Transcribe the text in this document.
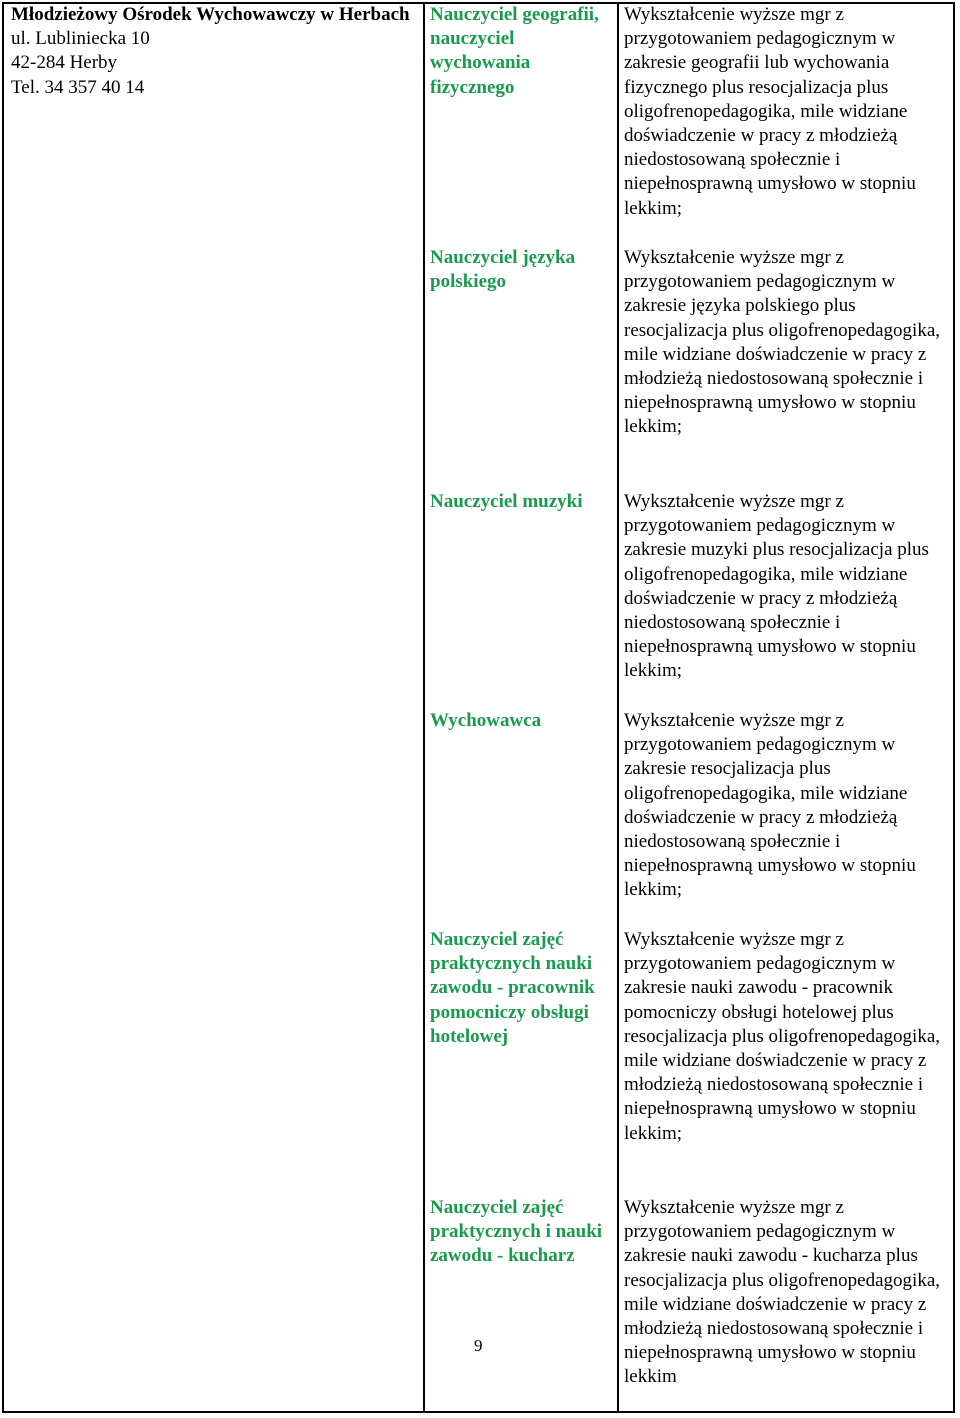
Młodzieżowy Ośrodek Wychowawczy w Herbach
ul. Lubliniecka 10
42-284 Herby
Tel. 34 357 40 14
Nauczyciel geografii, nauczyciel wychowania fizycznego
Wykształcenie wyższe mgr z przygotowaniem pedagogicznym w zakresie geografii lub wychowania fizycznego plus resocjalizacja plus oligofrenopedagogika, mile widziane doświadczenie w pracy z młodzieżą niedostosowaną społecznie i niepełnosprawną umysłowo w stopniu lekkim;
Nauczyciel języka polskiego
Wykształcenie wyższe mgr z przygotowaniem pedagogicznym w zakresie języka polskiego plus resocjalizacja plus oligofrenopedagogika, mile widziane doświadczenie w pracy z młodzieżą niedostosowaną społecznie i niepełnosprawną umysłowo w stopniu lekkim;
Nauczyciel muzyki	Wykształcenie wyższe mgr z przygotowaniem pedagogicznym w zakresie muzyki plus resocjalizacja plus oligofrenopedagogika, mile widziane doświadczenie w pracy z młodzieżą niedostosowaną społecznie i niepełnosprawną umysłowo w stopniu lekkim;
Wychowawca	Wykształcenie wyższe mgr z przygotowaniem pedagogicznym w zakresie resocjalizacja plus oligofrenopedagogika, mile widziane doświadczenie w pracy z młodzieżą niedostosowaną społecznie i niepełnosprawną umysłowo w stopniu lekkim;
Nauczyciel zajęć praktycznych nauki zawodu - pracownik pomocniczy obsługi hotelowej
Wykształcenie wyższe mgr z przygotowaniem pedagogicznym w zakresie nauki zawodu - pracownik pomocniczy obsługi hotelowej plus resocjalizacja plus oligofrenopedagogika, mile widziane doświadczenie w pracy z młodzieżą niedostosowaną społecznie i niepełnosprawną umysłowo w stopniu lekkim;
Nauczyciel zajęć praktycznych i nauki zawodu - kucharz
Wykształcenie wyższe mgr z przygotowaniem pedagogicznym w zakresie nauki zawodu - kucharza plus resocjalizacja plus oligofrenopedagogika, mile widziane doświadczenie w pracy z młodzieżą niedostosowaną społecznie i niepełnosprawną umysłowo w stopniu lekkim
9
